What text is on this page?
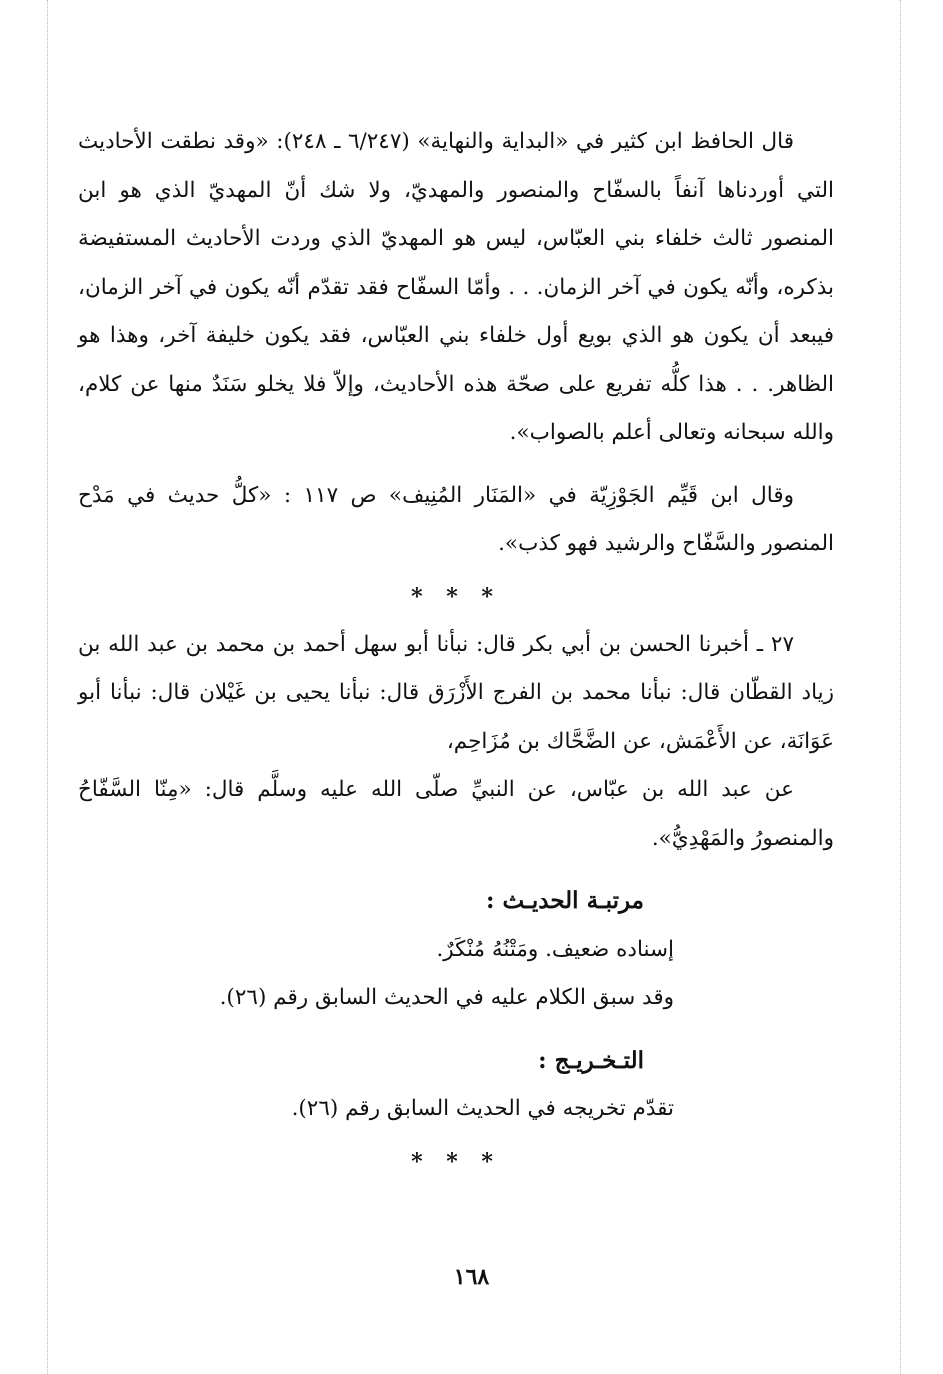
قال الحافظ ابن كثير في «البداية والنهاية» (٦/٢٤٧ ـ ٢٤٨): «وقد نطقت الأحاديث التي أوردناها آنفاً بالسفّاح والمنصور والمهديّ، ولا شك أنّ المهديّ الذي هو ابن المنصور ثالث خلفاء بني العبّاس، ليس هو المهديّ الذي وردت الأحاديث المستفيضة بذكره، وأنّه يكون في آخر الزمان. . . وأمّا السفّاح فقد تقدّم أنّه يكون في آخر الزمان، فيبعد أن يكون هو الذي بويع أول خلفاء بني العبّاس، فقد يكون خليفة آخر، وهذا هو الظاهر. . . هذا كلُّه تفريع على صحّة هذه الأحاديث، وإلاّ فلا يخلو سَنَدٌ منها عن كلام، والله سبحانه وتعالى أعلم بالصواب».

وقال ابن قَيِّم الجَوْزِيّة في «المَنَار المُنِيف» ص ١١٧ : «كلُّ حديث في مَدْح المنصور والسَّفّاح والرشيد فهو كذب».

* * *

٢٧ ـ أخبرنا الحسن بن أبي بكر قال: نبأنا أبو سهل أحمد بن محمد بن عبد الله بن زياد القطّان قال: نبأنا محمد بن الفرج الأَزْرَق قال: نبأنا يحيى بن غَيْلان قال: نبأنا أبو عَوَانَة، عن الأَعْمَش، عن الضَّحَّاك بن مُزَاحِم،

عن عبد الله بن عبّاس، عن النبيِّ صلّى الله عليه وسلَّم قال: «مِنّا السَّفّاحُ والمنصورُ والمَهْدِيُّ».

مرتبـة الحديـث :
إسناده ضعيف. ومَتْنُهُ مُنْكَرٌ.
وقد سبق الكلام عليه في الحديث السابق رقم (٢٦).
التـخـريـج :
تقدّم تخريجه في الحديث السابق رقم (٢٦).
* * *
١٦٨
